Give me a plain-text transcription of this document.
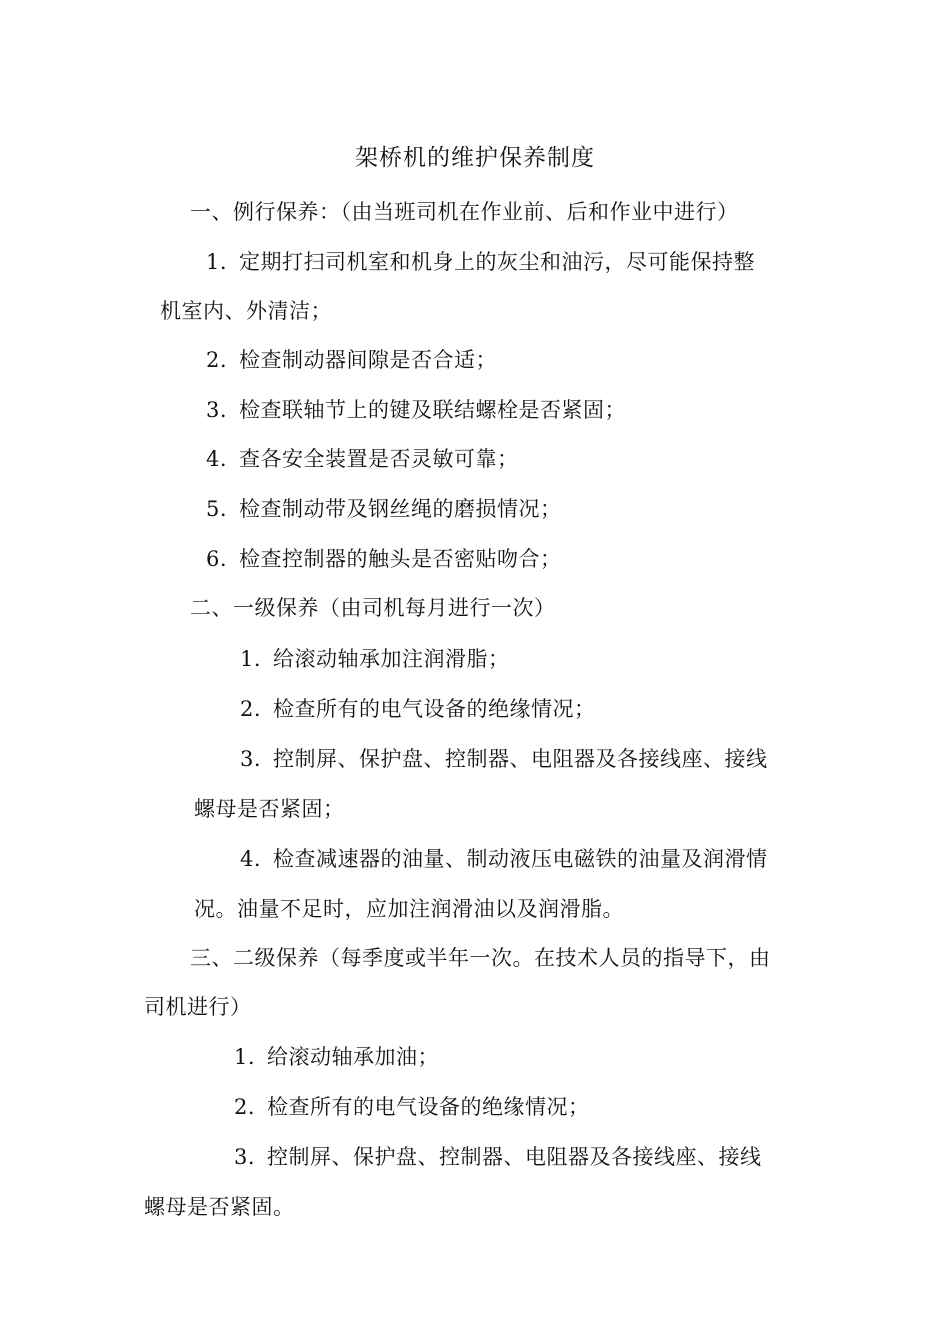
架桥机的维护保养制度
一、例行保养：（由当班司机在作业前、后和作业中进行）
1. 定期打扫司机室和机身上的灰尘和油污，尽可能保持整
机室内、外清洁；
2. 检查制动器间隙是否合适；
3. 检查联轴节上的键及联结螺栓是否紧固；
4. 查各安全装置是否灵敏可靠；
5. 检查制动带及钢丝绳的磨损情况；
6. 检查控制器的触头是否密贴吻合；
二、一级保养（由司机每月进行一次）
1. 给滚动轴承加注润滑脂；
2. 检查所有的电气设备的绝缘情况；
3. 控制屏、保护盘、控制器、电阻器及各接线座、接线
螺母是否紧固；
4. 检查减速器的油量、制动液压电磁铁的油量及润滑情
况。油量不足时，应加注润滑油以及润滑脂。
三、二级保养（每季度或半年一次。在技术人员的指导下，由
司机进行）
1. 给滚动轴承加油；
2. 检查所有的电气设备的绝缘情况；
3. 控制屏、保护盘、控制器、电阻器及各接线座、接线
螺母是否紧固。
